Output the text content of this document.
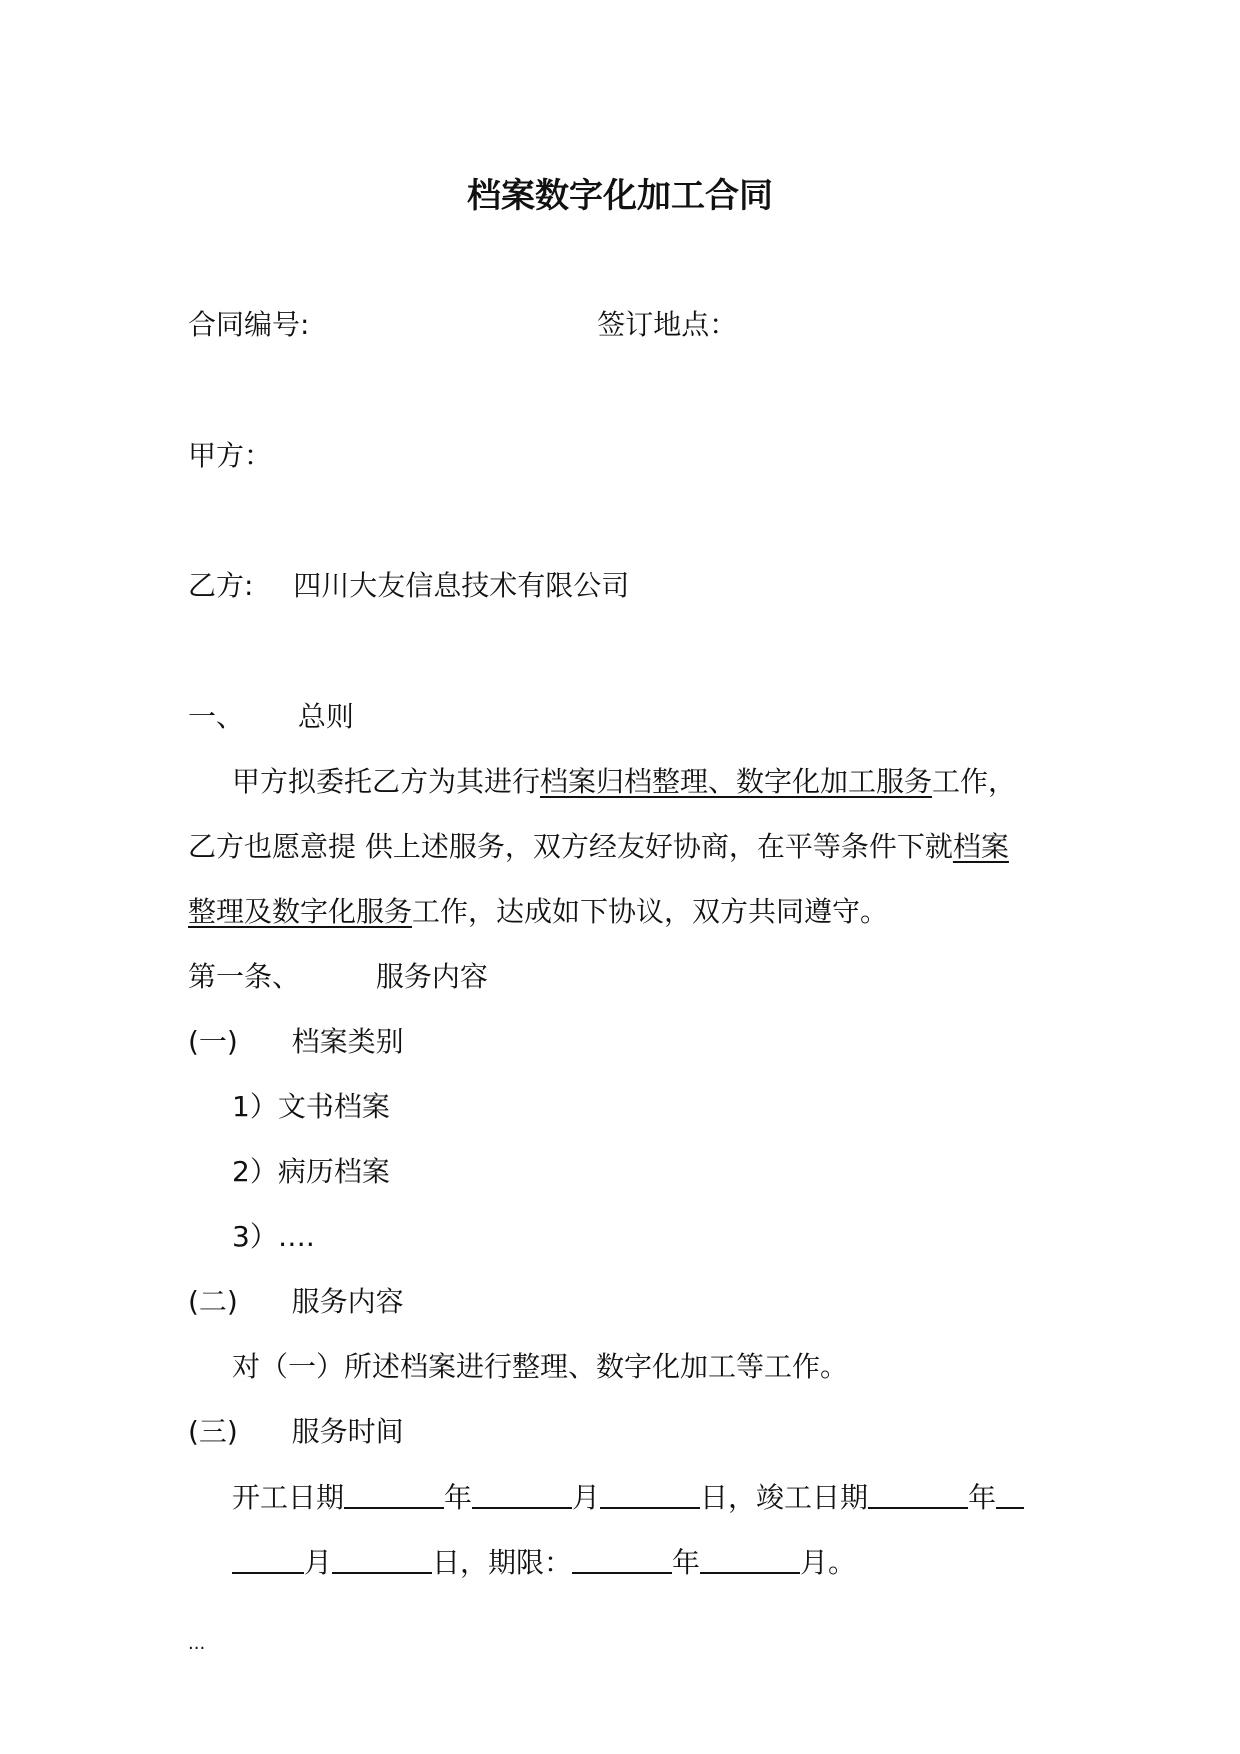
档案数字化加工合同
合同编号:	签订地点：
甲方：
乙方: 四川大友信息技术有限公司
一、 总则
甲方拟委托乙方为其进行档案归档整理、数字化加工服务工作，
乙方也愿意提 供上述服务，双方经友好协商，在平等条件下就档案
整理及数字化服务工作，达成如下协议，双方共同遵守。
第一条、	服务内容
(一) 档案类别
1）文书档案
2）病历档案
3）….
(二) 服务内容
对（一）所述档案进行整理、数字化加工等工作。
(三) 服务时间
开工日期	年	月	日，竣工日期	年
月	日，期限：	年	月。
...
